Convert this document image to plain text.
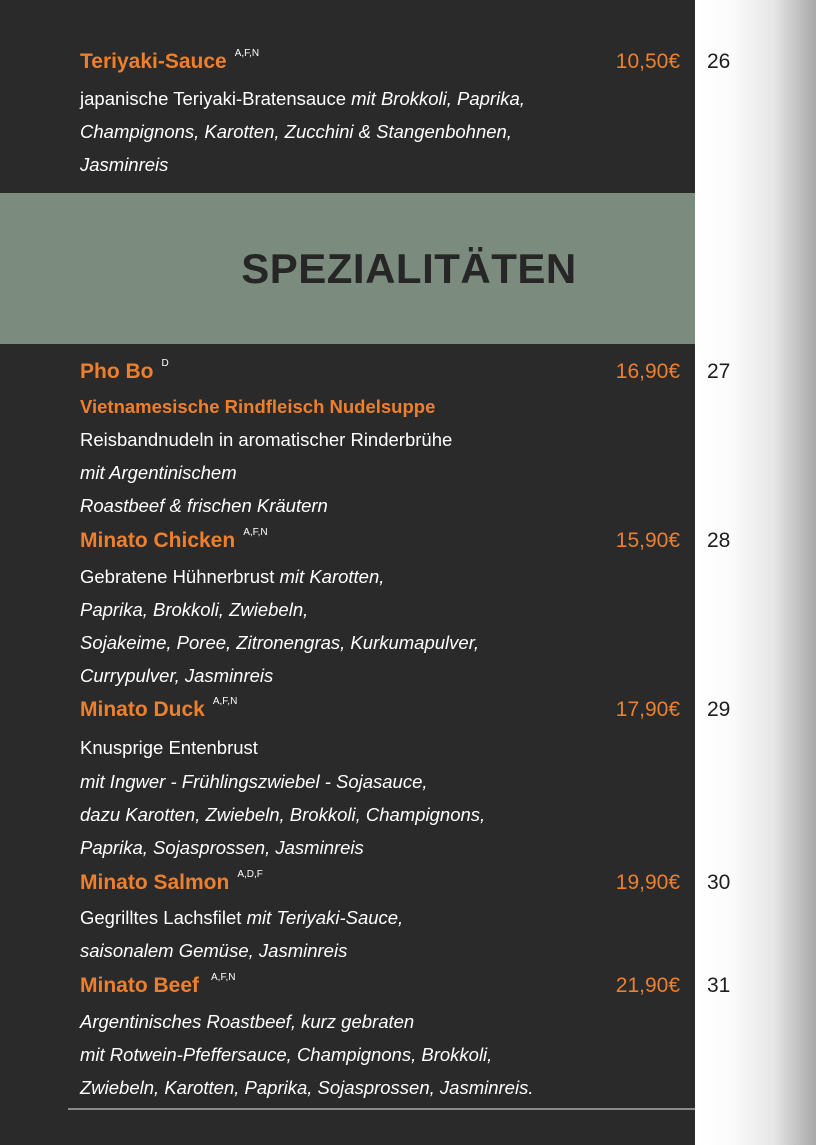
Teriyaki-Sauce $^{A,F,N}$	10,50€ 26
japanische Teriyaki-Bratensauce mit Brokkoli, Paprika,
Champignons, Karotten, Zucchini & Stangenbohnen,
Jasminreis
SPEZIALITÄTEN
Pho Bo $^D$	16,90€ 27
Vietnamesische Rindfleisch Nudelsuppe
Reisbandnudeln in aromatischer Rinderbrühe
mit Argentinischem
Roastbeef & frischen Kräutern
Minato Chicken $^{A,F,N}$	15,90€ 28
Gebratene Hühnerbrust mit Karotten,
Paprika, Brokkoli, Zwiebeln,
Sojakeime, Poree, Zitronengras, Kurkumapulver,
Currypulver, Jasminreis
Minato Duck $^{A,F,N}$	17,90€ 29
Knusprige Entenbrust
mit Ingwer - Frühlingszwiebel - Sojasauce,
dazu Karotten, Zwiebeln, Brokkoli, Champignons,
Paprika, Sojasprossen, Jasminreis
Minato Salmon $^{A,D,F}$	19,90€ 30
Gegrilltes Lachsfilet mit Teriyaki-Sauce,
saisonalem Gemüse, Jasminreis
Minato Beef $^{A,F,N}$	21,90€ 31
Argentinisches Roastbeef, kurz gebraten
mit Rotwein-Pfeffersauce, Champignons, Brokkoli,
Zwiebeln, Karotten, Paprika, Sojasprossen, Jasminreis.
